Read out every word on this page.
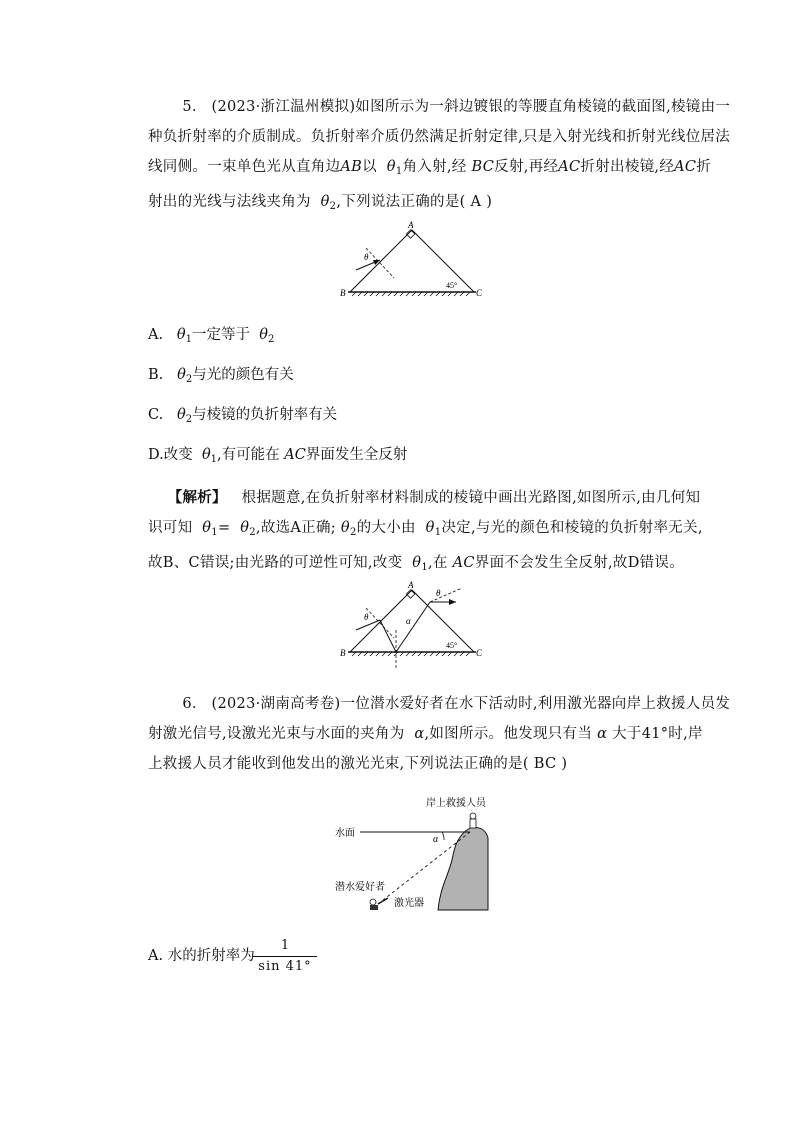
5. (2023·浙江温州模拟)如图所示为一斜边镀银的等腰直角棱镜的截面图,棱镜由一
种负折射率的介质制成。负折射率介质仍然满足折射定律,只是入射光线和折射光线位居法
线同侧。一束单色光从直角边AB以 $\theta_1$角入射,经 BC反射,再经AC折射出棱镜,经AC折
射出的光线与法线夹角为 $\theta_2$,下列说法正确的是( A )
θ
A
B	C
45°
A. $\theta_1$一定等于 $\theta_2$
B. $\theta_2$与光的颜色有关
C. $\theta_2$与棱镜的负折射率有关
D.改变 $\theta_1$,有可能在 AC界面发生全反射
【解析】 根据题意,在负折射率材料制成的棱镜中画出光路图,如图所示,由几何知
识可知 $\theta_1= \theta_2$,故选A正确; $\theta_2$的大小由 $\theta_1$决定,与光的颜色和棱镜的负折射率无关,
故B、C错误;由光路的可逆性可知,改变 $\theta_1$,在 AC界面不会发生全反射,故D错误。
θ
θ
α
A
B	C
45°
6. (2023·湖南高考卷)一位潜水爱好者在水下活动时,利用激光器向岸上救援人员发
射激光信号,设激光光束与水面的夹角为 α,如图所示。他发现只有当 α 大于41°时,岸
上救援人员才能收到他发出的激光光束,下列说法正确的是( BC )
α
岸上救援人员
水面
潜水爱好者
激光器
A. 水的折射率为
1
sin 41°
